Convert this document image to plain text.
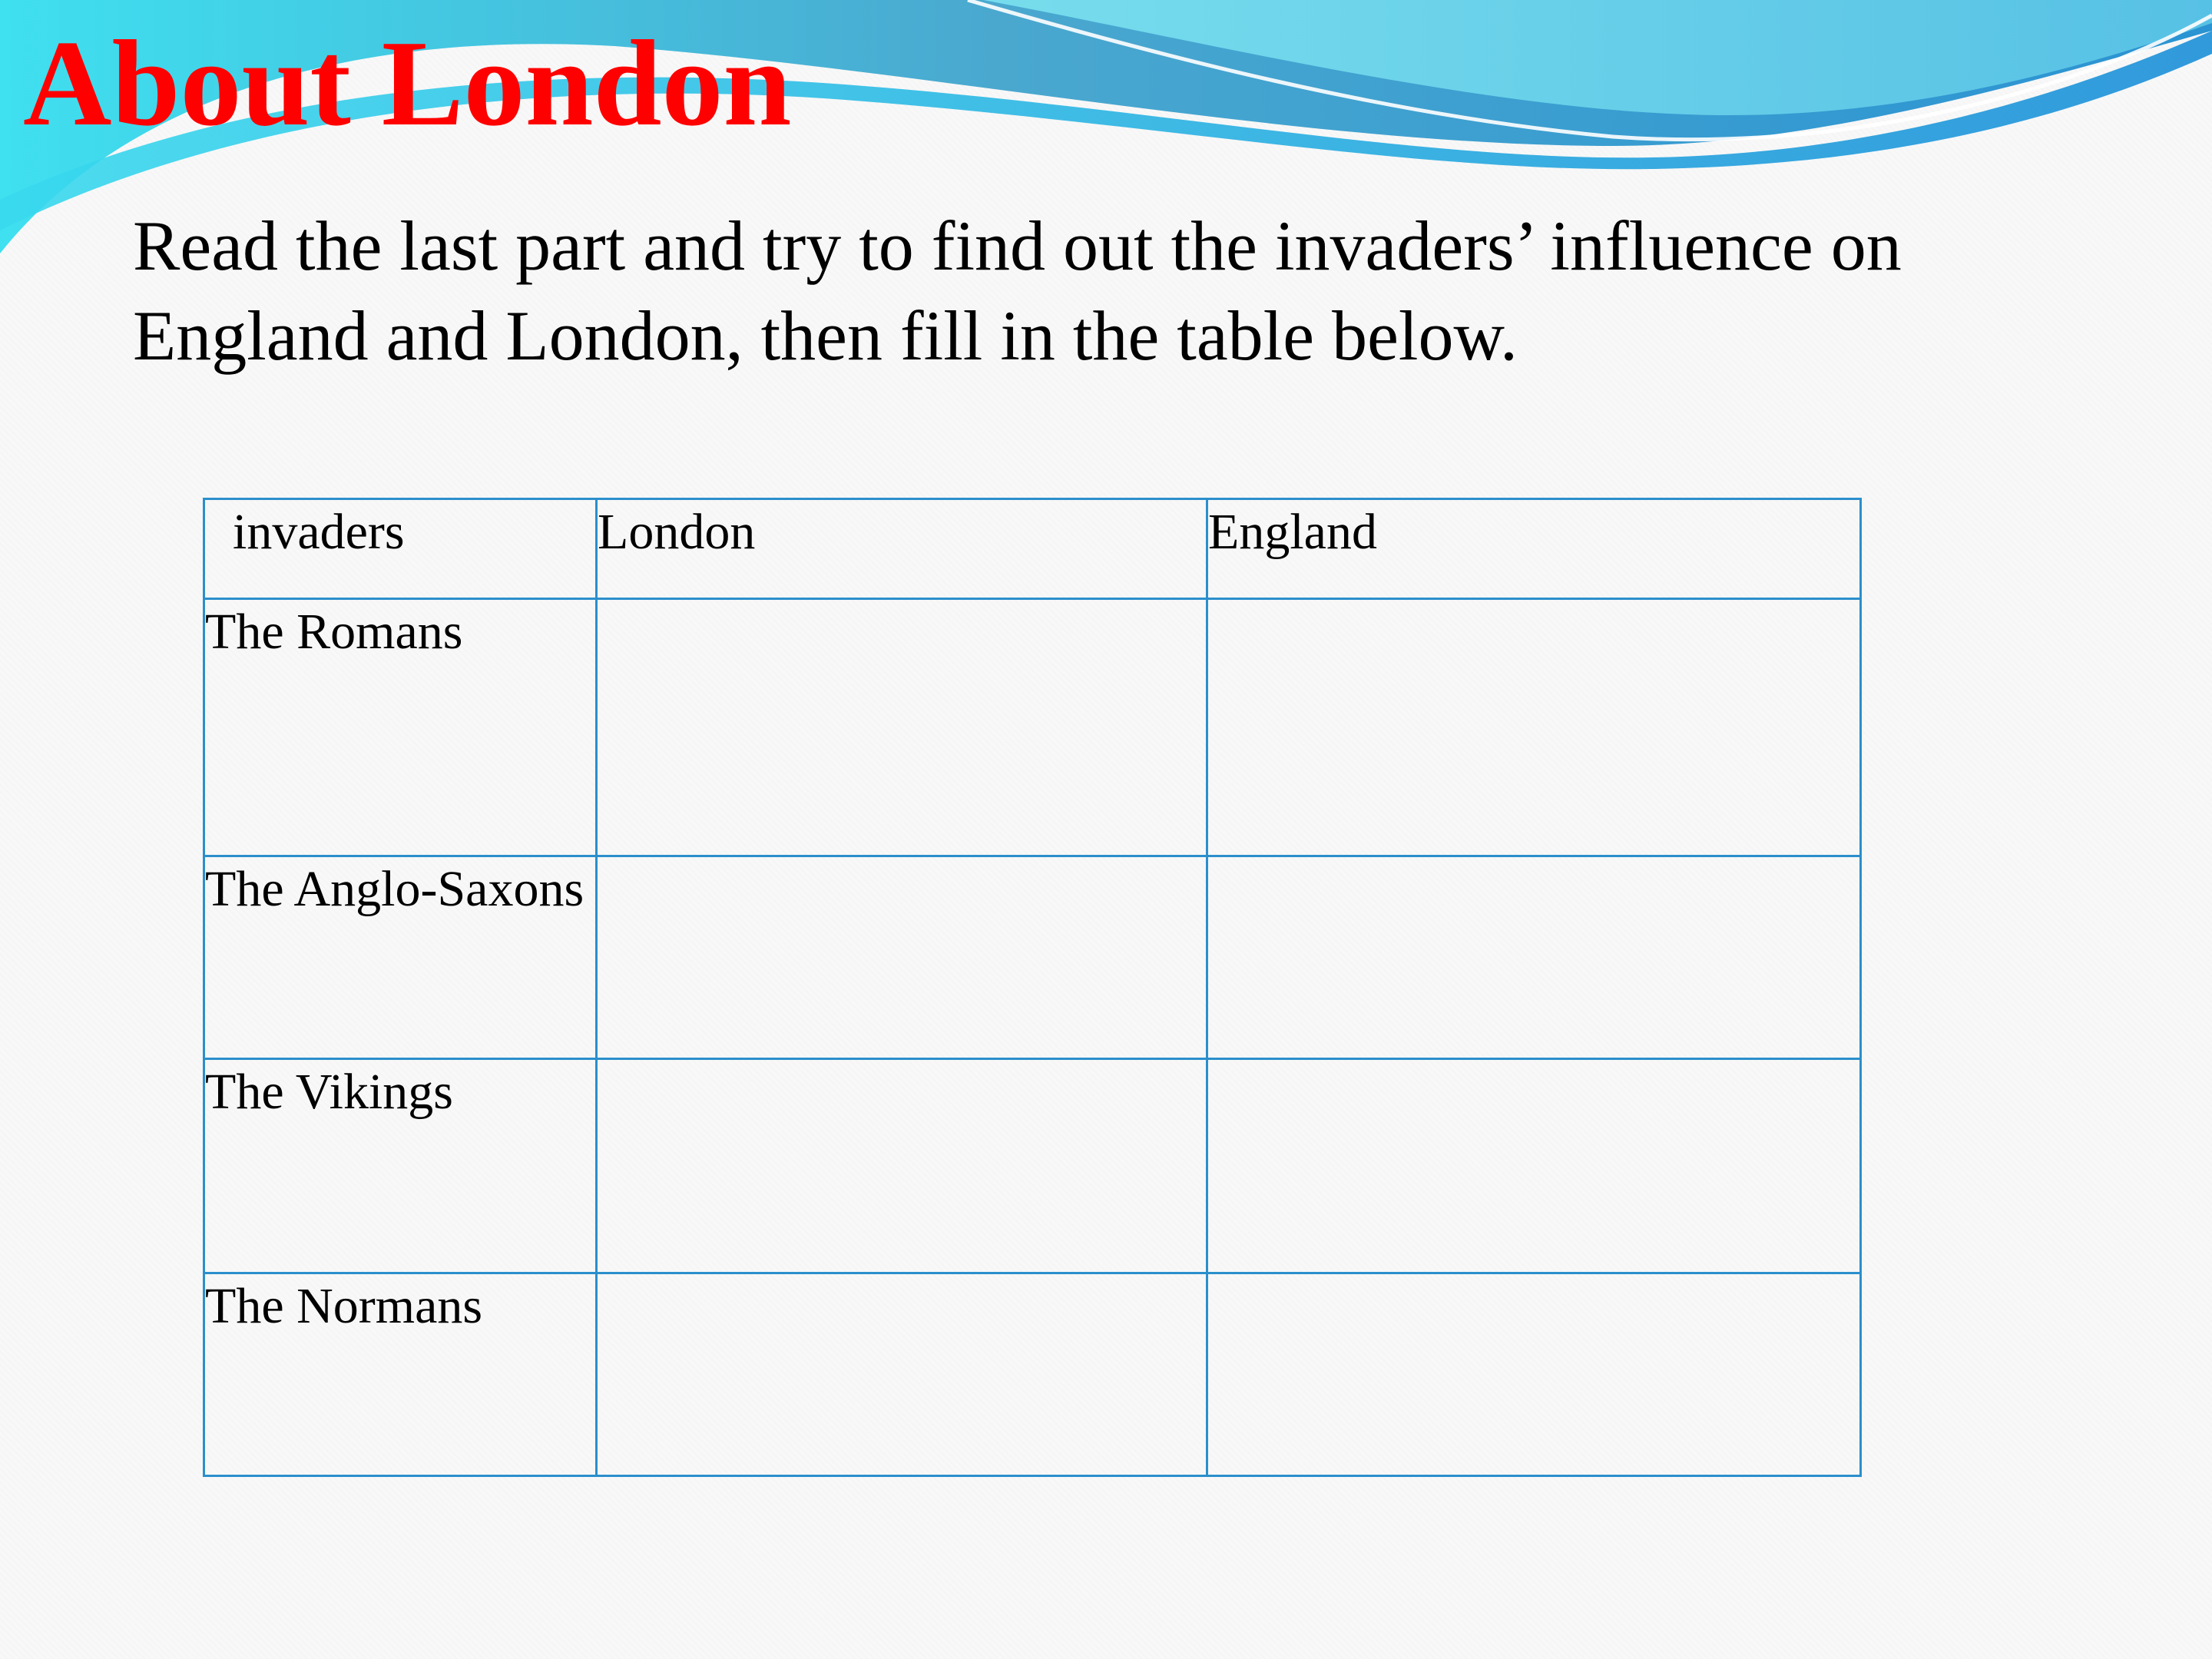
About London

Read the last part and try to find out the invaders’ influence on England and London, then fill in the table below.

invaders	London	England
The Romans		
The Anglo-Saxons		
The Vikings		
The Normans		
